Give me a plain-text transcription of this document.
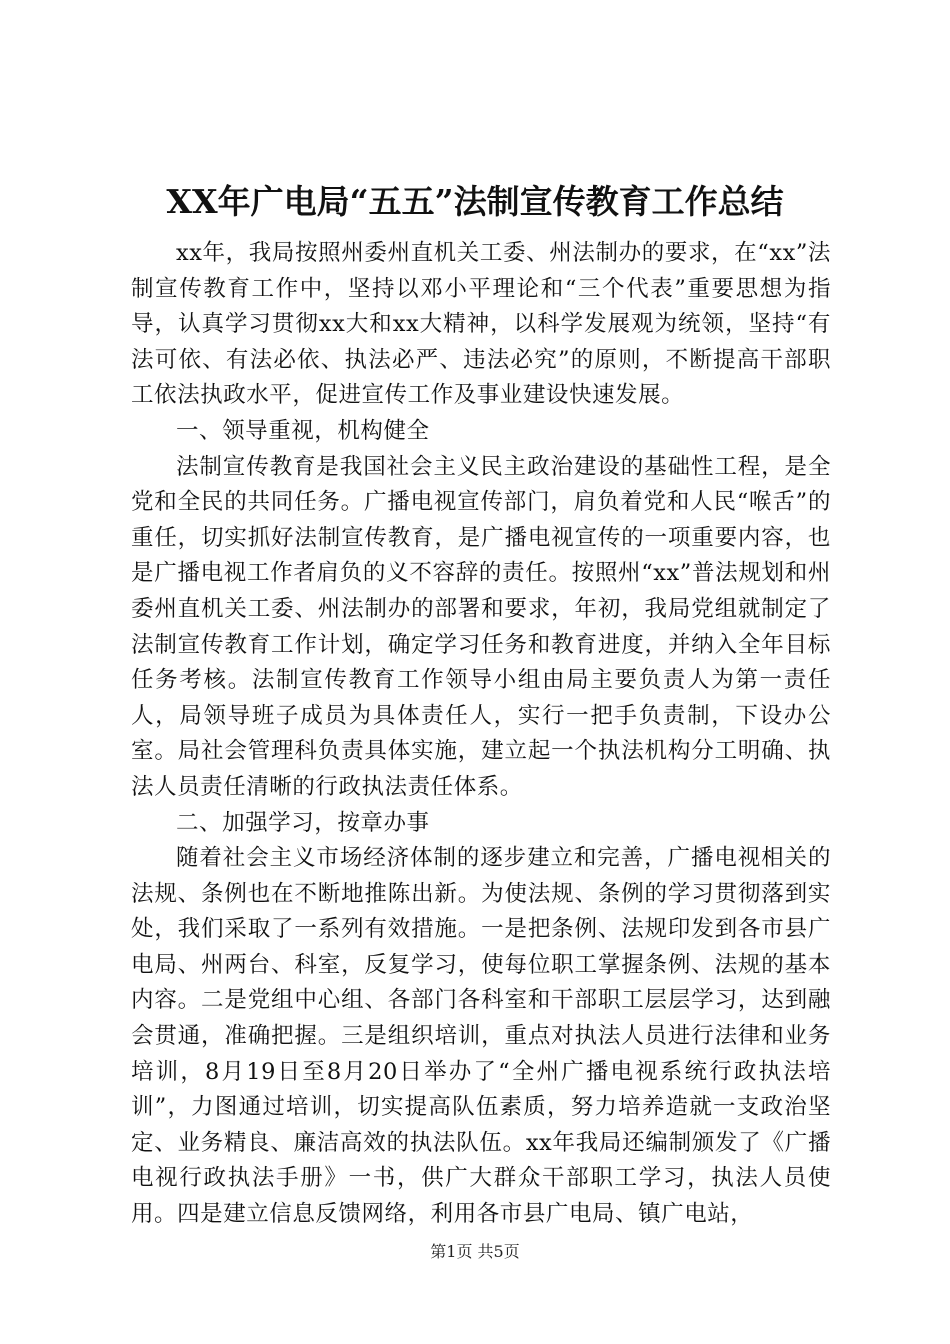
XX年广电局“五五”法制宣传教育工作总结

xx年，我局按照州委州直机关工委、州法制办的要求，在“xx”法制宣传教育工作中，坚持以邓小平理论和“三个代表”重要思想为指导，认真学习贯彻xx大和xx大精神，以科学发展观为统领，坚持“有法可依、有法必依、执法必严、违法必究”的原则，不断提高干部职工依法执政水平，促进宣传工作及事业建设快速发展。

一、领导重视，机构健全

法制宣传教育是我国社会主义民主政治建设的基础性工程，是全党和全民的共同任务。广播电视宣传部门，肩负着党和人民“喉舌”的重任，切实抓好法制宣传教育，是广播电视宣传的一项重要内容，也是广播电视工作者肩负的义不容辞的责任。按照州“xx”普法规划和州委州直机关工委、州法制办的部署和要求，年初，我局党组就制定了法制宣传教育工作计划，确定学习任务和教育进度，并纳入全年目标任务考核。法制宣传教育工作领导小组由局主要负责人为第一责任人，局领导班子成员为具体责任人，实行一把手负责制，下设办公室。局社会管理科负责具体实施，建立起一个执法机构分工明确、执法人员责任清晰的行政执法责任体系。

二、加强学习，按章办事

随着社会主义市场经济体制的逐步建立和完善，广播电视相关的法规、条例也在不断地推陈出新。为使法规、条例的学习贯彻落到实处，我们采取了一系列有效措施。一是把条例、法规印发到各市县广电局、州两台、科室，反复学习，使每位职工掌握条例、法规的基本内容。二是党组中心组、各部门各科室和干部职工层层学习，达到融会贯通，准确把握。三是组织培训，重点对执法人员进行法律和业务培训，8月19日至8月20日举办了“全州广播电视系统行政执法培训”，力图通过培训，切实提高队伍素质，努力培养造就一支政治坚定、业务精良、廉洁高效的执法队伍。xx年我局还编制颁发了《广播电视行政执法手册》一书，供广大群众干部职工学习，执法人员使用。四是建立信息反馈网络，利用各市县广电局、镇广电站，

第1页 共5页
